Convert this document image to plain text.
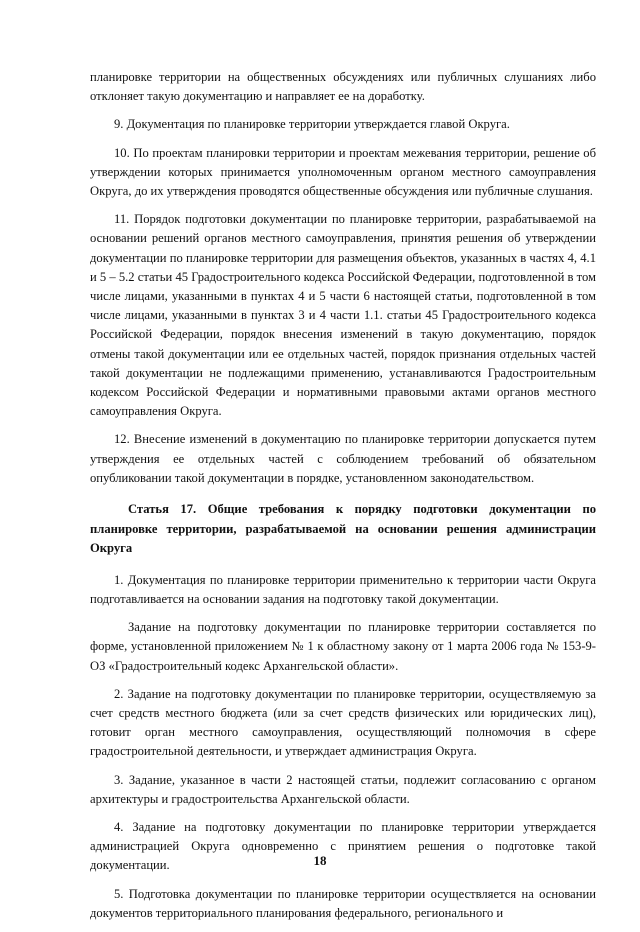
планировке территории на общественных обсуждениях или публичных слушаниях либо отклоняет такую документацию и направляет ее на доработку.

9. Документация по планировке территории утверждается главой Округа.

10. По проектам планировки территории и проектам межевания территории, решение об утверждении которых принимается уполномоченным органом местного самоуправления Округа, до их утверждения проводятся общественные обсуждения или публичные слушания.

11. Порядок подготовки документации по планировке территории, разрабатываемой на основании решений органов местного самоуправления, принятия решения об утверждении документации по планировке территории для размещения объектов, указанных в частях 4, 4.1 и 5 – 5.2 статьи 45 Градостроительного кодекса Российской Федерации, подготовленной в том числе лицами, указанными в пунктах 4 и 5 части 6 настоящей статьи, подготовленной в том числе лицами, указанными в пунктах 3 и 4 части 1.1. статьи 45 Градостроительного кодекса Российской Федерации, порядок внесения изменений в такую документацию, порядок отмены такой документации или ее отдельных частей, порядок признания отдельных частей такой документации не подлежащими применению, устанавливаются Градостроительным кодексом Российской Федерации и нормативными правовыми актами органов местного самоуправления Округа.

12. Внесение изменений в документацию по планировке территории допускается путем утверждения ее отдельных частей с соблюдением требований об обязательном опубликовании такой документации в порядке, установленном законодательством.

Статья 17. Общие требования к порядку подготовки документации по планировке территории, разрабатываемой на основании решения администрации Округа

1. Документация по планировке территории применительно к территории части Округа подготавливается на основании задания на подготовку такой документации.

Задание на подготовку документации по планировке территории составляется по форме, установленной приложением № 1 к областному закону от 1 марта 2006 года № 153-9-ОЗ «Градостроительный кодекс Архангельской области».

2. Задание на подготовку документации по планировке территории, осуществляемую за счет средств местного бюджета (или за счет средств физических или юридических лиц), готовит орган местного самоуправления, осуществляющий полномочия в сфере градостроительной деятельности, и утверждает администрация Округа.

3. Задание, указанное в части 2 настоящей статьи, подлежит согласованию с органом архитектуры и градостроительства Архангельской области.

4. Задание на подготовку документации по планировке территории утверждается администрацией Округа одновременно с принятием решения о подготовке такой документации.

5. Подготовка документации по планировке территории осуществляется на основании документов территориального планирования федерального, регионального и

18
